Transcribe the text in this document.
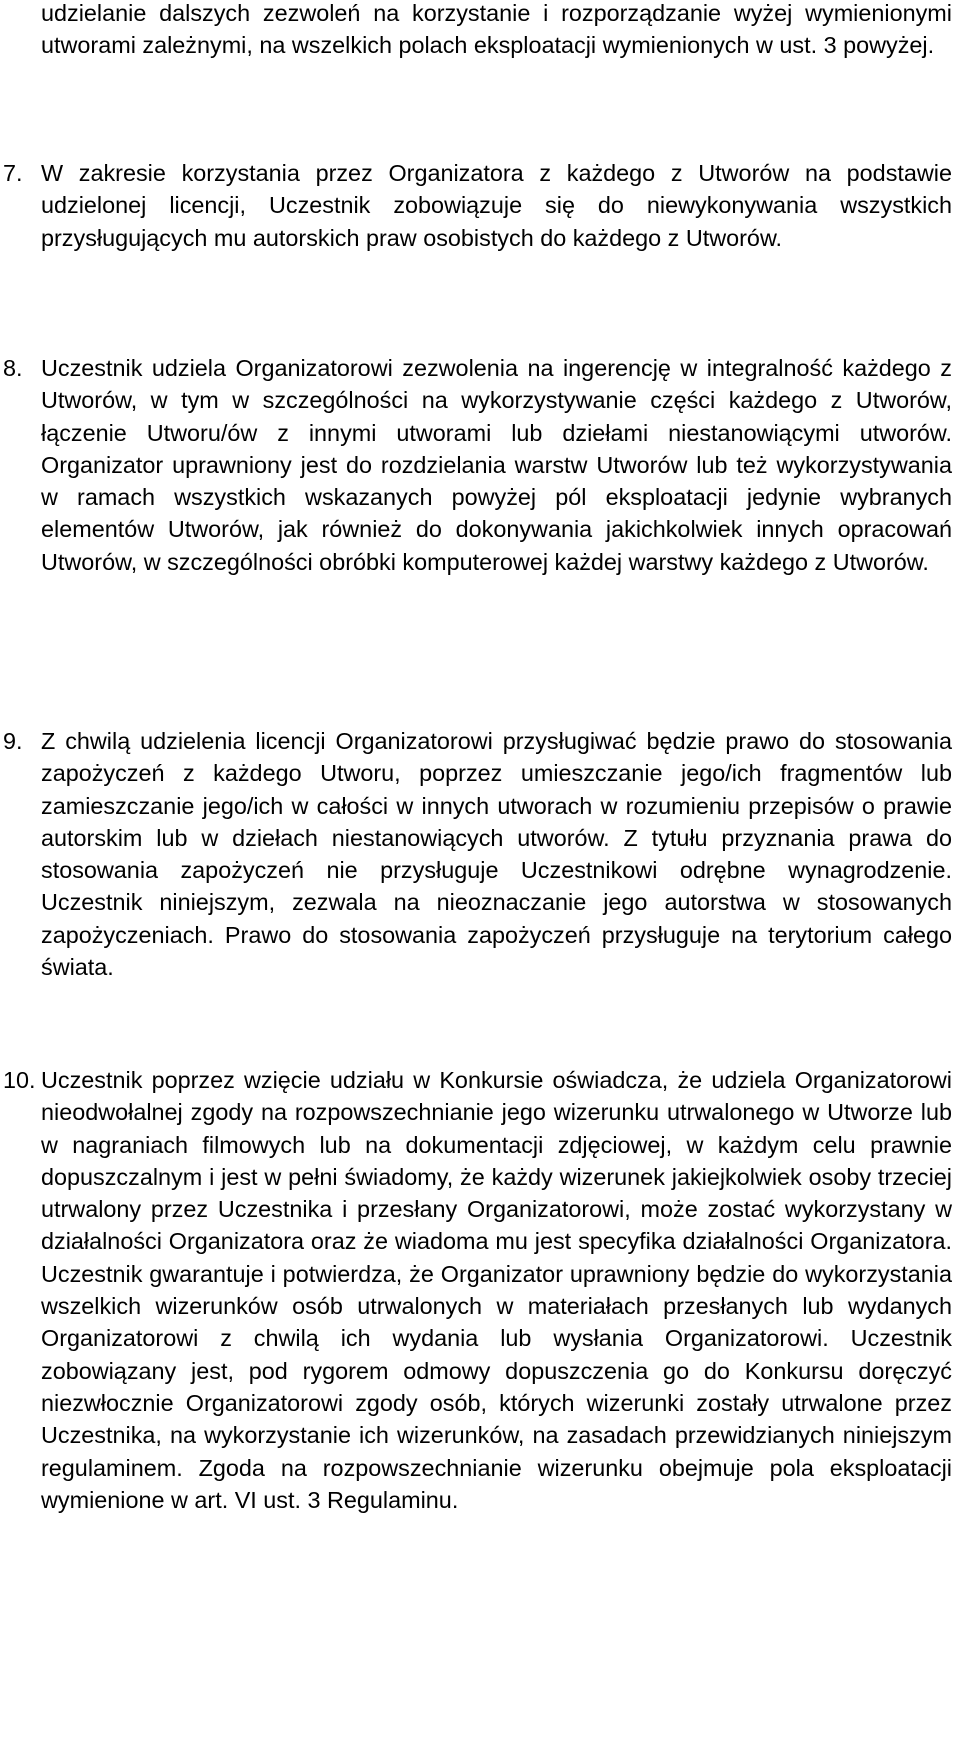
udzielanie dalszych zezwoleń na korzystanie i rozporządzanie wyżej wymienionymi utworami zależnymi, na wszelkich polach eksploatacji wymienionych w ust. 3 powyżej.

7. W zakresie korzystania przez Organizatora z każdego z Utworów na podstawie udzielonej licencji, Uczestnik zobowiązuje się do niewykonywania wszystkich przysługujących mu autorskich praw osobistych do każdego z Utworów.

8. Uczestnik udziela Organizatorowi zezwolenia na ingerencję w integralność każdego z Utworów, w tym w szczególności na wykorzystywanie części każdego z Utworów, łączenie Utworu/ów z innymi utworami lub dziełami niestanowiącymi utworów. Organizator uprawniony jest do rozdzielania warstw Utworów lub też wykorzystywania w ramach wszystkich wskazanych powyżej pól eksploatacji jedynie wybranych elementów Utworów, jak również do dokonywania jakichkolwiek innych opracowań Utworów, w szczególności obróbki komputerowej każdej warstwy każdego z Utworów.

9. Z chwilą udzielenia licencji Organizatorowi przysługiwać będzie prawo do stosowania zapożyczeń z każdego Utworu, poprzez umieszczanie jego/ich fragmentów lub zamieszczanie jego/ich w całości w innych utworach w rozumieniu przepisów o prawie autorskim lub w dziełach niestanowiących utworów. Z tytułu przyznania prawa do stosowania zapożyczeń nie przysługuje Uczestnikowi odrębne wynagrodzenie. Uczestnik niniejszym, zezwala na nieoznaczanie jego autorstwa w stosowanych zapożyczeniach. Prawo do stosowania zapożyczeń przysługuje na terytorium całego świata.

10. Uczestnik poprzez wzięcie udziału w Konkursie oświadcza, że udziela Organizatorowi nieodwołalnej zgody na rozpowszechnianie jego wizerunku utrwalonego w Utworze lub w nagraniach filmowych lub na dokumentacji zdjęciowej, w każdym celu prawnie dopuszczalnym i jest w pełni świadomy, że każdy wizerunek jakiejkolwiek osoby trzeciej utrwalony przez Uczestnika i przesłany Organizatorowi, może zostać wykorzystany w działalności Organizatora oraz że wiadoma mu jest specyfika działalności Organizatora. Uczestnik gwarantuje i potwierdza, że Organizator uprawniony będzie do wykorzystania wszelkich wizerunków osób utrwalonych w materiałach przesłanych lub wydanych Organizatorowi z chwilą ich wydania lub wysłania Organizatorowi. Uczestnik zobowiązany jest, pod rygorem odmowy dopuszczenia go do Konkursu doręczyć niezwłocznie Organizatorowi zgody osób, których wizerunki zostały utrwalone przez Uczestnika, na wykorzystanie ich wizerunków, na zasadach przewidzianych niniejszym regulaminem. Zgoda na rozpowszechnianie wizerunku obejmuje pola eksploatacji wymienione w art. VI ust. 3 Regulaminu.
